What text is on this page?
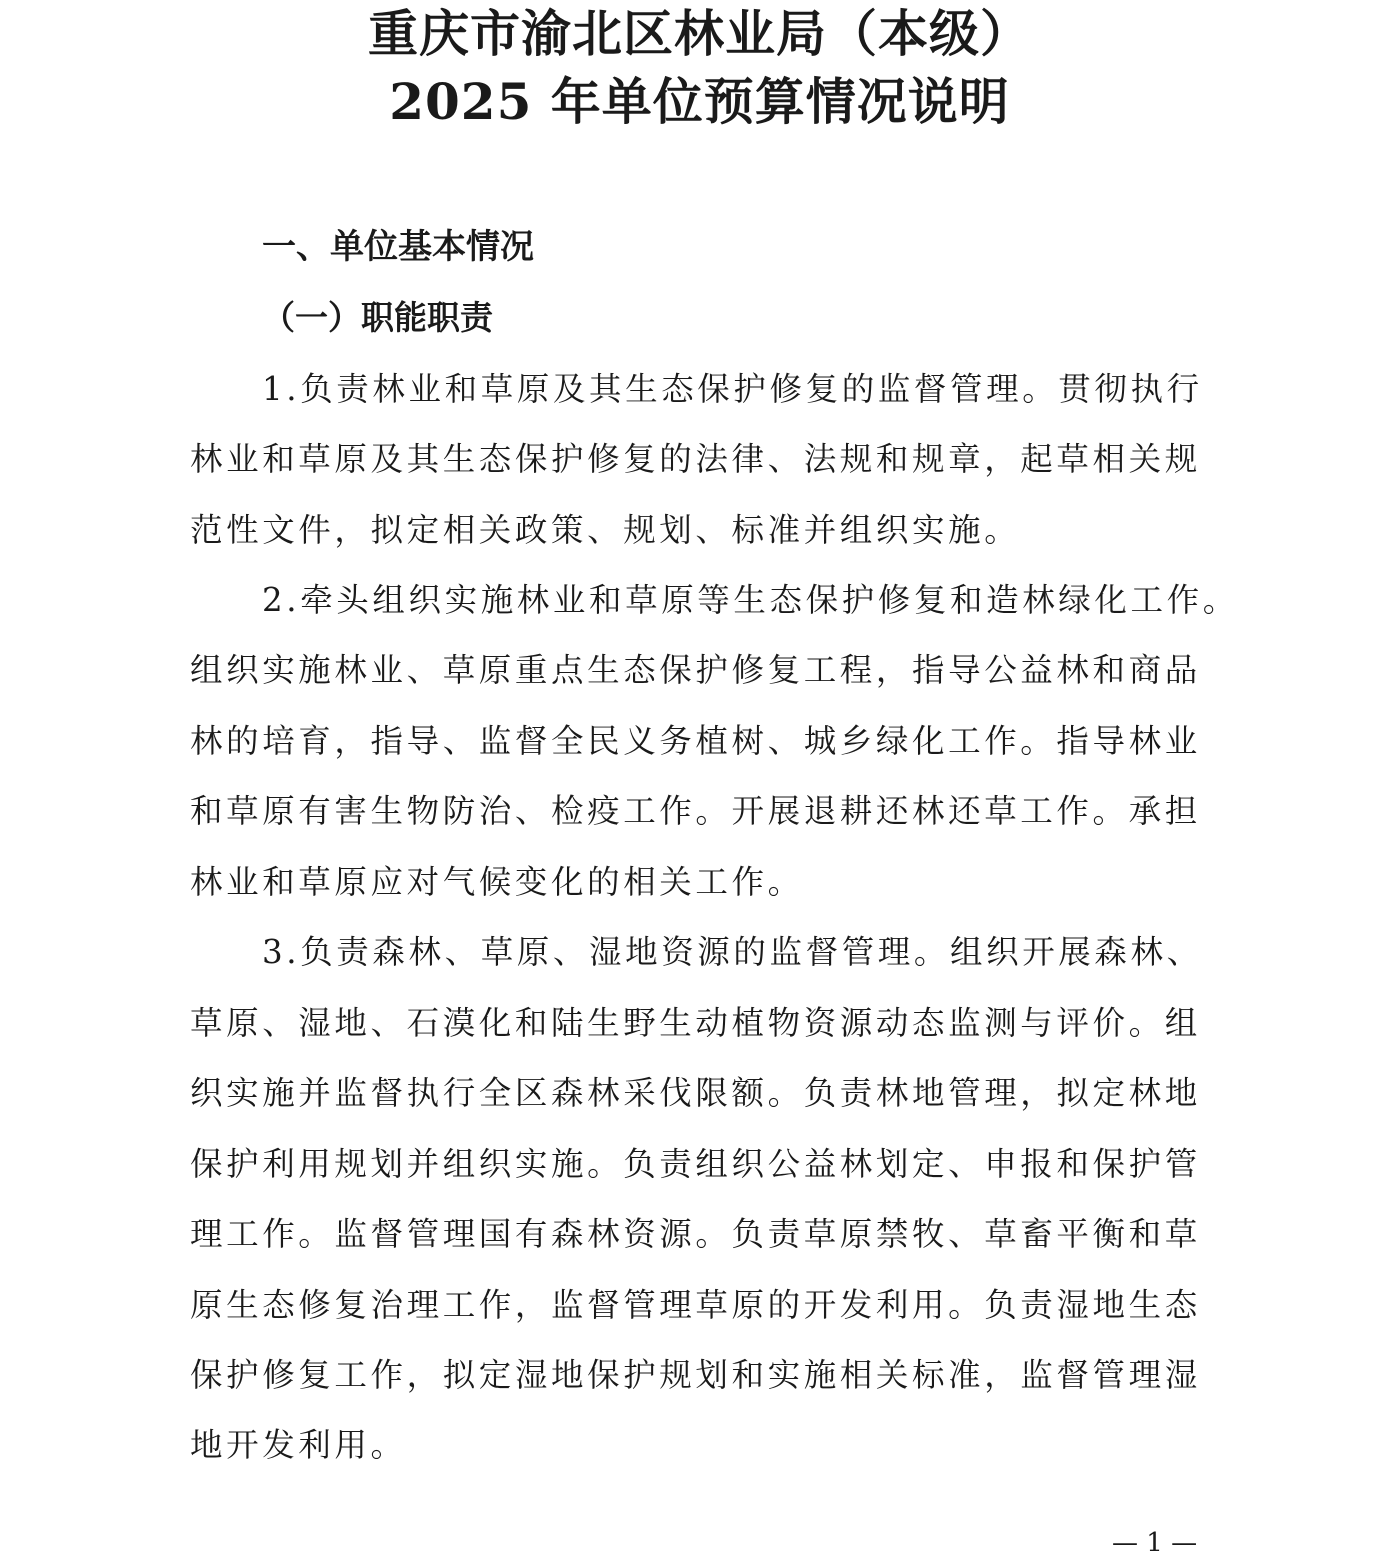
重庆市渝北区林业局（本级）
2025 年单位预算情况说明
一、单位基本情况
（一）职能职责

1.负责林业和草原及其生态保护修复的监督管理。贯彻执行

林业和草原及其生态保护修复的法律、法规和规章，起草相关规

范性文件，拟定相关政策、规划、标准并组织实施。

2.牵头组织实施林业和草原等生态保护修复和造林绿化工作。

组织实施林业、草原重点生态保护修复工程，指导公益林和商品

林的培育，指导、监督全民义务植树、城乡绿化工作。指导林业

和草原有害生物防治、检疫工作。开展退耕还林还草工作。承担

林业和草原应对气候变化的相关工作。

3.负责森林、草原、湿地资源的监督管理。组织开展森林、

草原、湿地、石漠化和陆生野生动植物资源动态监测与评价。组

织实施并监督执行全区森林采伐限额。负责林地管理，拟定林地

保护利用规划并组织实施。负责组织公益林划定、申报和保护管

理工作。监督管理国有森林资源。负责草原禁牧、草畜平衡和草

原生态修复治理工作，监督管理草原的开发利用。负责湿地生态

保护修复工作，拟定湿地保护规划和实施相关标准，监督管理湿

地开发利用。

— 1 —
